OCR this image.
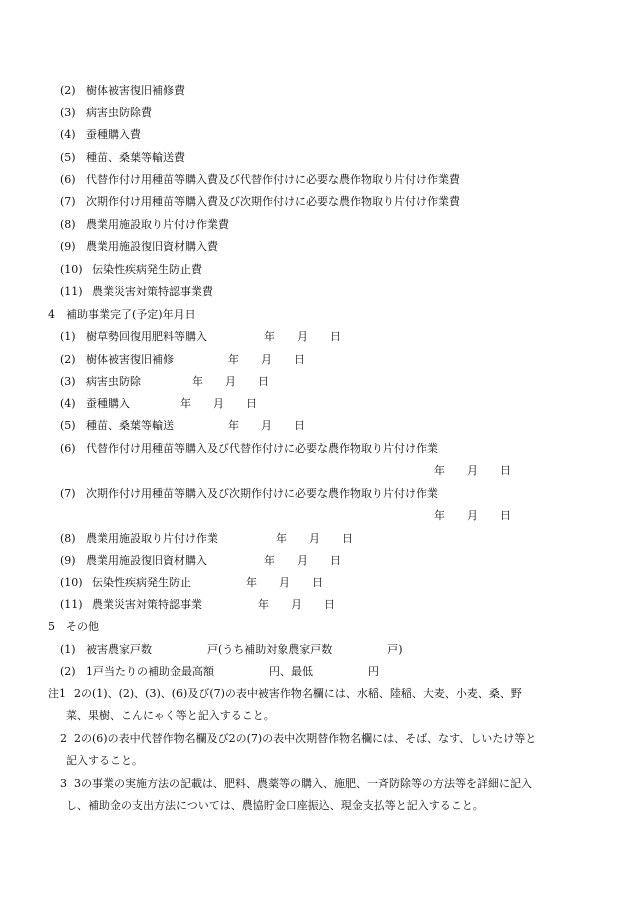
(2) 樹体被害復旧補修費
(3) 病害虫防除費
(4) 蚕種購入費
(5) 種苗、桑葉等輸送費
(6) 代替作付け用種苗等購入費及び代替作付けに必要な農作物取り片付け作業費
(7) 次期作付け用種苗等購入費及び次期作付けに必要な農作物取り片付け作業費
(8) 農業用施設取り片付け作業費
(9) 農業用施設復旧資材購入費
(10) 伝染性疾病発生防止費
(11) 農業災害対策特認事業費
4　補助事業完了(予定)年月日
(1) 樹草勢回復用肥料等購入	年　　月　　日
(2) 樹体被害復旧補修	年　　月　　日
(3) 病害虫防除	年　　月　　日
(4) 蚕種購入	年　　月　　日
(5) 種苗、桑葉等輸送	年　　月　　日
(6) 代替作付け用種苗等購入及び代替作付けに必要な農作物取り片付け作業
年　　月　　日
(7) 次期作付け用種苗等購入及び次期作付けに必要な農作物取り片付け作業
年　　月　　日
(8) 農業用施設取り片付け作業	年　　月　　日
(9) 農業用施設復旧資材購入	年　　月　　日
(10) 伝染性疾病発生防止	年　　月　　日
(11) 農業災害対策特認事業	年　　月　　日
5　その他
(1) 被害農家戸数　　　　　戸(うち補助対象農家戸数　　　　　戸)
(2) 1戸当たりの補助金最高額　　　　　円、最低　　　　　円
注1 2の(1)、(2)、(3)、(6)及び(7)の表中被害作物名欄には、水稲、陸稲、大麦、小麦、桑、野
菜、果樹、こんにゃく等と記入すること。
2 2の(6)の表中代替作物名欄及び2の(7)の表中次期替作物名欄には、そば、なす、しいたけ等と
記入すること。
3 3の事業の実施方法の記載は、肥料、農薬等の購入、施肥、一斉防除等の方法等を詳細に記入
し、補助金の支出方法については、農協貯金口座振込、現金支払等と記入すること。
